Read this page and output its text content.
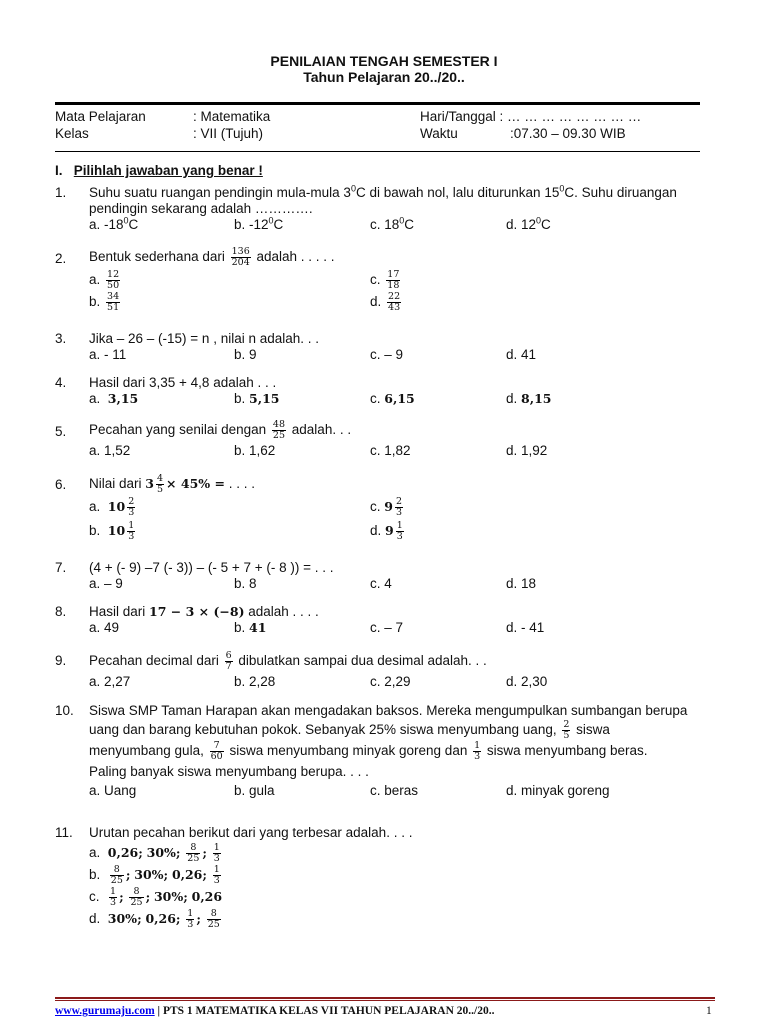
PENILAIAN TENGAH SEMESTER I
Tahun Pelajaran 20../20..
Mata Pelajaran	: Matematika	Hari/Tanggal : … … … … … … … …
Kelas	: VII (Tujuh)	Waktu	:07.30 – 09.30 WIB
I. Pilihlah jawaban yang benar !
1. Suhu suatu ruangan pendingin mula-mula $3^0C$ di bawah nol, lalu diturunkan $15^0C$. Suhu diruangan pendingin sekarang adalah ………….
a. $-18^0C$	b. $-12^0C$	c. $18^0C$	d. $12^0C$
2. Bentuk sederhana dari $\frac{136}{204}$ adalah . . . . .
a. $\frac{12}{50}$	c. $\frac{17}{18}$
b. $\frac{34}{51}$	d. $\frac{22}{43}$
3. Jika – 26 – (-15) = n , nilai n adalah. . .
a. - 11	b. 9	c. – 9	d. 41
4. Hasil dari 3,35 + 4,8 adalah . . .
a. 3,15	b. 5,15	c. 6,15	d. 8,15
5. Pecahan yang senilai dengan $\frac{48}{25}$ adalah. . .
a. 1,52	b. 1,62	c. 1,82	d. 1,92
6. Nilai dari $3 \frac{4}{5} \times 45\%$ = . . . .
a. $10 \frac{2}{3}$	c. $9 \frac{2}{3}$
b. $10 \frac{1}{3}$	d. $9 \frac{1}{3}$
7. (4 + (- 9) –7 (- 3)) – (- 5 + 7 + (- 8 )) = . . .
a. – 9	b. 8	c. 4	d. 18
8. Hasil dari 17 − 3 × (−8) adalah . . . .
a. 49	b. 41	c. – 7	d. - 41
9. Pecahan decimal dari $\frac{6}{7}$ dibulatkan sampai dua desimal adalah. . .
a. 2,27	b. 2,28	c. 2,29	d. 2,30
10. Siswa SMP Taman Harapan akan mengadakan baksos. Mereka mengumpulkan sumbangan berupa uang dan barang kebutuhan pokok. Sebanyak 25% siswa menyumbang uang, $\frac{2}{5}$ siswa
menyumbang gula, $\frac{7}{60}$ siswa menyumbang minyak goreng dan $\frac{1}{3}$ siswa menyumbang beras.
Paling banyak siswa menyumbang berupa. . . .
a. Uang	b. gula	c. beras	d. minyak goreng
11. Urutan pecahan berikut dari yang terbesar adalah. . . .
a. 0,26; 30%; $\frac{8}{25}$ ; $\frac{1}{3}$
b. $\frac{8}{25}$ ; 30%; 0,26; $\frac{1}{3}$
c. $\frac{1}{3}$ ; $\frac{8}{25}$ ; 30%; 0,26
d. 30%; 0,26; $\frac{1}{3}$ ; $\frac{8}{25}$
www.gurumaju.com | PTS 1 MATEMATIKA KELAS VII TAHUN PELAJARAN 20../20..	1
